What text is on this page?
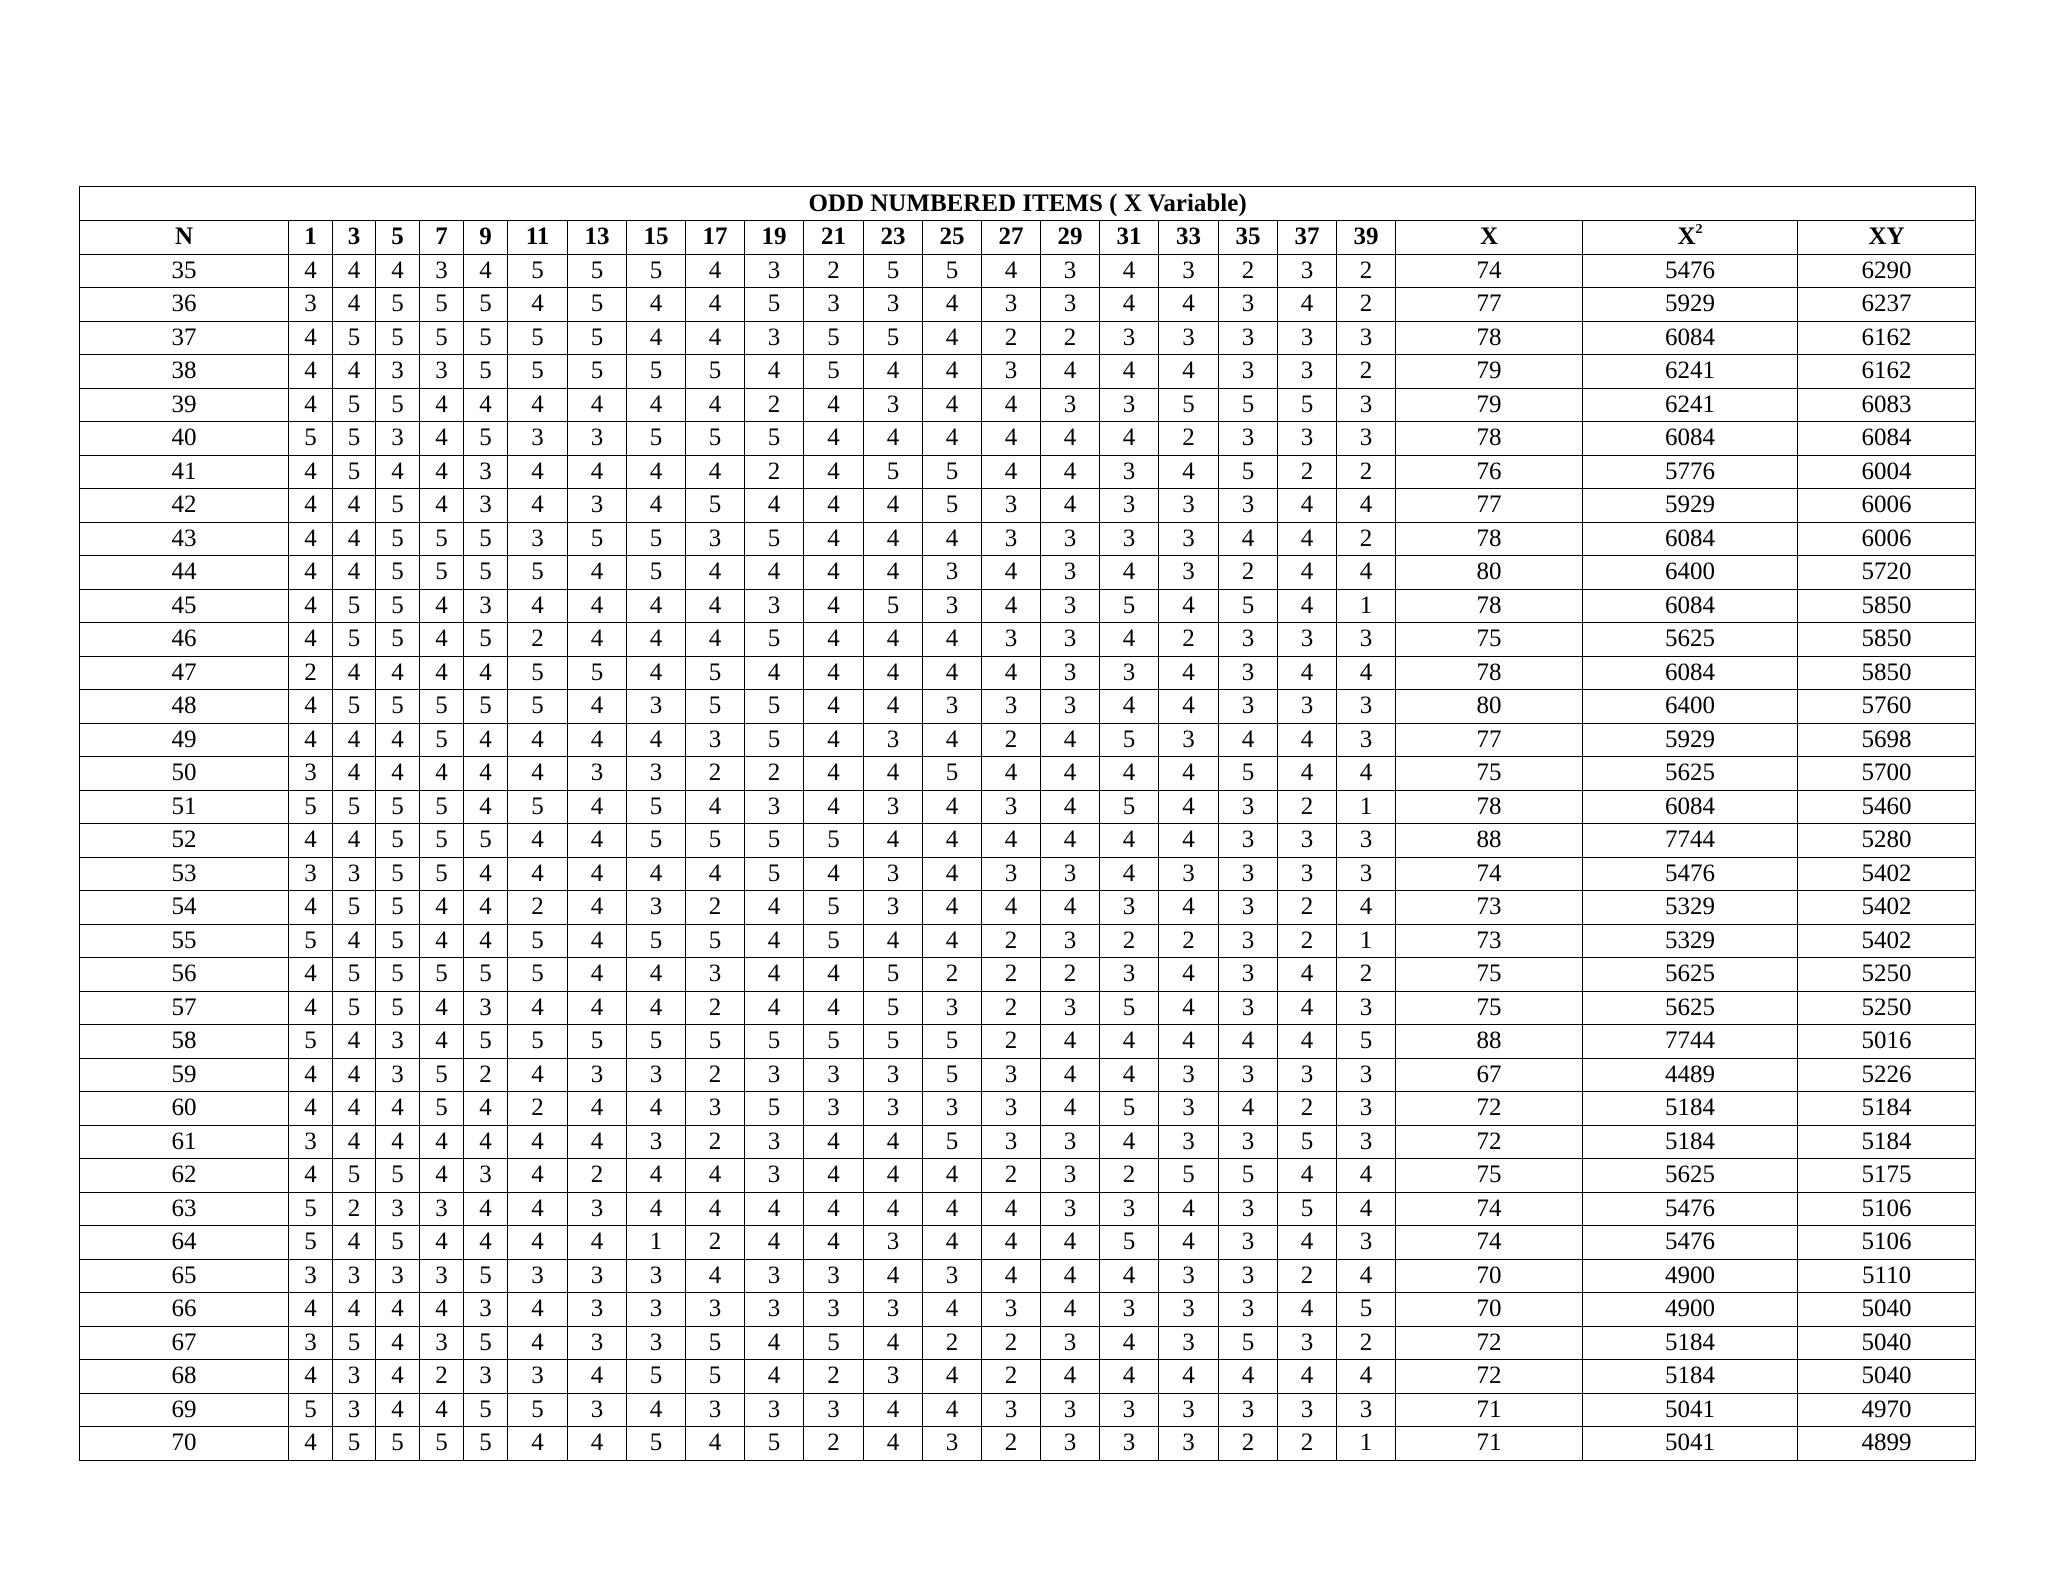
ODD NUMBERED ITEMS ( X Variable)																							
N	1	3	5	7	9	11	13	15	17	19	21	23	25	27	29	31	33	35	37	39	X	$X^2$	XY
35	4	4	4	3	4	5	5	5	4	3	2	5	5	4	3	4	3	2	3	2	74	5476	6290
36	3	4	5	5	5	4	5	4	4	5	3	3	4	3	3	4	4	3	4	2	77	5929	6237
37	4	5	5	5	5	5	5	4	4	3	5	5	4	2	2	3	3	3	3	3	78	6084	6162
38	4	4	3	3	5	5	5	5	5	4	5	4	4	3	4	4	4	3	3	2	79	6241	6162
39	4	5	5	4	4	4	4	4	4	2	4	3	4	4	3	3	5	5	5	3	79	6241	6083
40	5	5	3	4	5	3	3	5	5	5	4	4	4	4	4	4	2	3	3	3	78	6084	6084
41	4	5	4	4	3	4	4	4	4	2	4	5	5	4	4	3	4	5	2	2	76	5776	6004
42	4	4	5	4	3	4	3	4	5	4	4	4	5	3	4	3	3	3	4	4	77	5929	6006
43	4	4	5	5	5	3	5	5	3	5	4	4	4	3	3	3	3	4	4	2	78	6084	6006
44	4	4	5	5	5	5	4	5	4	4	4	4	3	4	3	4	3	2	4	4	80	6400	5720
45	4	5	5	4	3	4	4	4	4	3	4	5	3	4	3	5	4	5	4	1	78	6084	5850
46	4	5	5	4	5	2	4	4	4	5	4	4	4	3	3	4	2	3	3	3	75	5625	5850
47	2	4	4	4	4	5	5	4	5	4	4	4	4	4	3	3	4	3	4	4	78	6084	5850
48	4	5	5	5	5	5	4	3	5	5	4	4	3	3	3	4	4	3	3	3	80	6400	5760
49	4	4	4	5	4	4	4	4	3	5	4	3	4	2	4	5	3	4	4	3	77	5929	5698
50	3	4	4	4	4	4	3	3	2	2	4	4	5	4	4	4	4	5	4	4	75	5625	5700
51	5	5	5	5	4	5	4	5	4	3	4	3	4	3	4	5	4	3	2	1	78	6084	5460
52	4	4	5	5	5	4	4	5	5	5	5	4	4	4	4	4	4	3	3	3	88	7744	5280
53	3	3	5	5	4	4	4	4	4	5	4	3	4	3	3	4	3	3	3	3	74	5476	5402
54	4	5	5	4	4	2	4	3	2	4	5	3	4	4	4	3	4	3	2	4	73	5329	5402
55	5	4	5	4	4	5	4	5	5	4	5	4	4	2	3	2	2	3	2	1	73	5329	5402
56	4	5	5	5	5	5	4	4	3	4	4	5	2	2	2	3	4	3	4	2	75	5625	5250
57	4	5	5	4	3	4	4	4	2	4	4	5	3	2	3	5	4	3	4	3	75	5625	5250
58	5	4	3	4	5	5	5	5	5	5	5	5	5	2	4	4	4	4	4	5	88	7744	5016
59	4	4	3	5	2	4	3	3	2	3	3	3	5	3	4	4	3	3	3	3	67	4489	5226
60	4	4	4	5	4	2	4	4	3	5	3	3	3	3	4	5	3	4	2	3	72	5184	5184
61	3	4	4	4	4	4	4	3	2	3	4	4	5	3	3	4	3	3	5	3	72	5184	5184
62	4	5	5	4	3	4	2	4	4	3	4	4	4	2	3	2	5	5	4	4	75	5625	5175
63	5	2	3	3	4	4	3	4	4	4	4	4	4	4	3	3	4	3	5	4	74	5476	5106
64	5	4	5	4	4	4	4	1	2	4	4	3	4	4	4	5	4	3	4	3	74	5476	5106
65	3	3	3	3	5	3	3	3	4	3	3	4	3	4	4	4	3	3	2	4	70	4900	5110
66	4	4	4	4	3	4	3	3	3	3	3	3	4	3	4	3	3	3	4	5	70	4900	5040
67	3	5	4	3	5	4	3	3	5	4	5	4	2	2	3	4	3	5	3	2	72	5184	5040
68	4	3	4	2	3	3	4	5	5	4	2	3	4	2	4	4	4	4	4	4	72	5184	5040
69	5	3	4	4	5	5	3	4	3	3	3	4	4	3	3	3	3	3	3	3	71	5041	4970
70	4	5	5	5	5	4	4	5	4	5	2	4	3	2	3	3	3	2	2	1	71	5041	4899
